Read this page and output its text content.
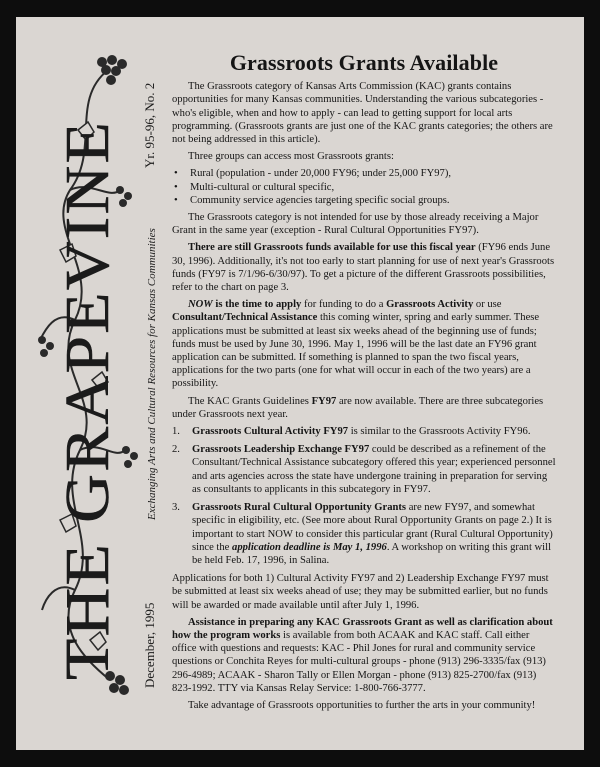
THE GRAPEVINE December, 1995
Exchanging Arts and Cultural Resources for Kansas Communities
Yr. 95-96, No. 2
Grassroots Grants Available

The Grassroots category of Kansas Arts Commission (KAC) grants contains opportunities for many Kansas communities. Understanding the various subcategories - who's eligible, when and how to apply - can lead to getting support for local arts programming. (Grassroots grants are just one of the KAC grants categories; the others are not being addressed in this article).

Three groups can access most Grassroots grants:

• Rural (population - under 20,000 FY96; under 25,000 FY97),
• Multi-cultural or cultural specific,
• Community service agencies targeting specific social groups.

The Grassroots category is not intended for use by those already receiving a Major Grant in the same year (exception - Rural Cultural Opportunities FY97).

There are still Grassroots funds available for use this fiscal year (FY96 ends June 30, 1996). Additionally, it's not too early to start planning for use of next year's Grassroots funds (FY97 is 7/1/96-6/30/97). To get a picture of the different Grassroots possibilities, refer to the chart on page 3.

NOW is the time to apply for funding to do a Grassroots Activity or use Consultant/Technical Assistance this coming winter, spring and early summer. These applications must be submitted at least six weeks ahead of the beginning use of funds; funds must be used by June 30, 1996. May 1, 1996 will be the last date an FY96 grant application can be submitted. If something is planned to span the two fiscal years, applications for the two parts (one for what will occur in each of the two years) are a possibility.

The KAC Grants Guidelines FY97 are now available. There are three subcategories under Grassroots next year.

1.	Grassroots Cultural Activity FY97 is similar to the Grassroots Activity FY96.
2.	Grassroots Leadership Exchange FY97 could be described as a refinement of the Consultant/Technical Assistance subcategory offered this year; experienced personnel and arts agencies across the state have undergone training in preparation for serving as consultants to applicants in this subcategory in FY97.
3.	Grassroots Rural Cultural Opportunity Grants are new FY97, and somewhat specific in eligibility, etc. (See more about Rural Opportunity Grants on page 2.) It is important to start NOW to consider this particular grant (Rural Cultural Opportunity) since the application deadline is May 1, 1996. A workshop on writing this grant will be held Feb. 17, 1996, in Salina.

Applications for both 1) Cultural Activity FY97 and 2) Leadership Exchange FY97 must be submitted at least six weeks ahead of use; they may be submitted earlier, but no funds will be awarded or made available until after July 1, 1996.

Assistance in preparing any KAC Grassroots Grant as well as clarification about how the program works is available from both ACAAK and KAC staff. Call either office with questions and requests: KAC - Phil Jones for rural and community service questions or Conchita Reyes for multi-cultural groups - phone (913) 296-3335/fax (913) 296-4989; ACAAK - Sharon Tally or Ellen Morgan - phone (913) 825-2700/fax (913) 823-1992. TTY via Kansas Relay Service: 1-800-766-3777.

Take advantage of Grassroots opportunities to further the arts in your community!
